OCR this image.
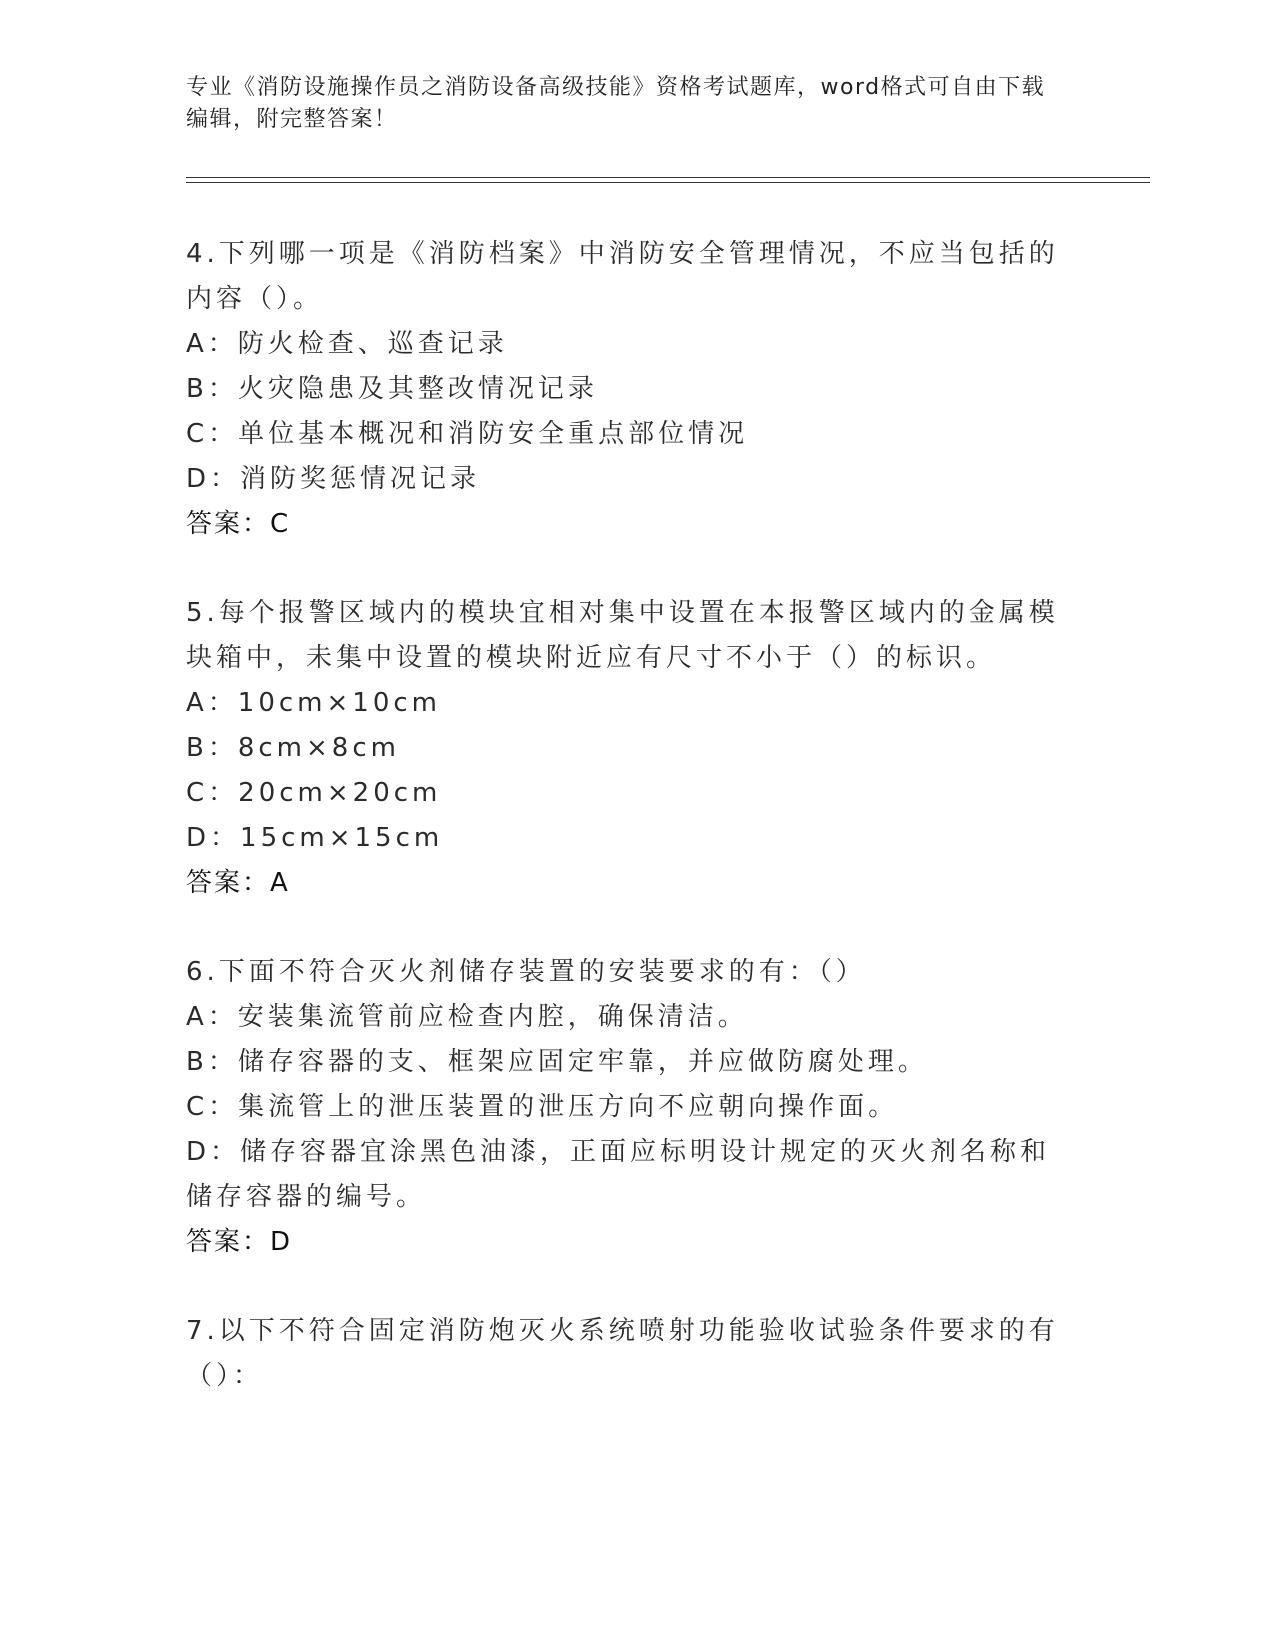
专业《消防设施操作员之消防设备高级技能》资格考试题库，word格式可自由下载编辑，附完整答案！

4.下列哪一项是《消防档案》中消防安全管理情况，不应当包括的内容（）。

A：防火检查、巡查记录

B：火灾隐患及其整改情况记录

C：单位基本概况和消防安全重点部位情况

D：消防奖惩情况记录

答案：C

5.每个报警区域内的模块宜相对集中设置在本报警区域内的金属模块箱中，未集中设置的模块附近应有尺寸不小于（）的标识。

A：10cm×10cm

B：8cm×8cm

C：20cm×20cm

D：15cm×15cm

答案：A

6.下面不符合灭火剂储存装置的安装要求的有：（）

A：安装集流管前应检查内腔，确保清洁。

B：储存容器的支、框架应固定牢靠，并应做防腐处理。

C：集流管上的泄压装置的泄压方向不应朝向操作面。

D：储存容器宜涂黑色油漆，正面应标明设计规定的灭火剂名称和储存容器的编号。

答案：D

7.以下不符合固定消防炮灭火系统喷射功能验收试验条件要求的有（）：
